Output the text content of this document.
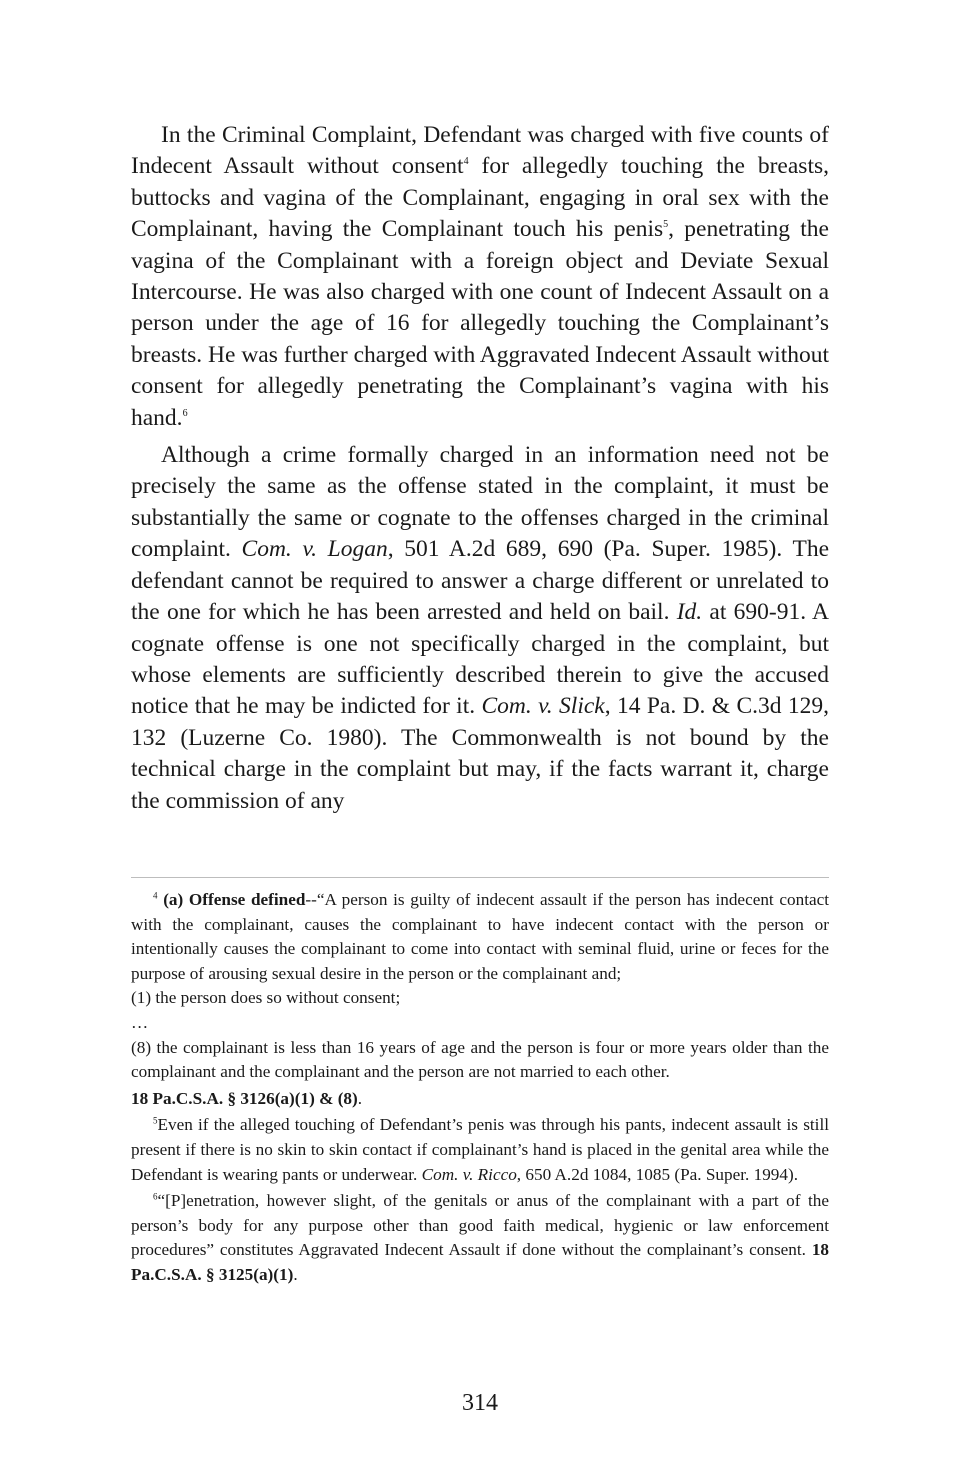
In the Criminal Complaint, Defendant was charged with five counts of Indecent Assault without consent$^4$ for allegedly touching the breasts, buttocks and vagina of the Complainant, engaging in oral sex with the Complainant, having the Complainant touch his penis$^5$, penetrating the vagina of the Complainant with a foreign object and Deviate Sexual Intercourse. He was also charged with one count of Indecent Assault on a person under the age of 16 for allegedly touching the Complainant’s breasts. He was further charged with Aggravated Indecent Assault without consent for allegedly penetrating the Complainant’s vagina with his hand.$^6$

Although a crime formally charged in an information need not be precisely the same as the offense stated in the complaint, it must be substantially the same or cognate to the offenses charged in the criminal complaint. Com. v. Logan, 501 A.2d 689, 690 (Pa. Super. 1985). The defendant cannot be required to answer a charge different or unrelated to the one for which he has been arrested and held on bail. Id. at 690-91. A cognate offense is one not specifically charged in the complaint, but whose elements are sufficiently described therein to give the accused notice that he may be indicted for it. Com. v. Slick, 14 Pa. D. & C.3d 129, 132 (Luzerne Co. 1980). The Commonwealth is not bound by the technical charge in the complaint but may, if the facts warrant it, charge the commission of any

$^4$ (a) Offense defined--“A person is guilty of indecent assault if the person has indecent contact with the complainant, causes the complainant to have indecent contact with the person or intentionally causes the complainant to come into contact with seminal fluid, urine or feces for the purpose of arousing sexual desire in the person or the complainant and;

(1) the person does so without consent;

…

(8) the complainant is less than 16 years of age and the person is four or more years older than the complainant and the complainant and the person are not married to each other.

18 Pa.C.S.A. § 3126(a)(1) & (8).

$^5$Even if the alleged touching of Defendant’s penis was through his pants, indecent assault is still present if there is no skin to skin contact if complainant’s hand is placed in the genital area while the Defendant is wearing pants or underwear. Com. v. Ricco, 650 A.2d 1084, 1085 (Pa. Super. 1994).

$^6$“[P]enetration, however slight, of the genitals or anus of the complainant with a part of the person’s body for any purpose other than good faith medical, hygienic or law enforcement procedures” constitutes Aggravated Indecent Assault if done without the complainant’s consent. 18 Pa.C.S.A. § 3125(a)(1).

314
